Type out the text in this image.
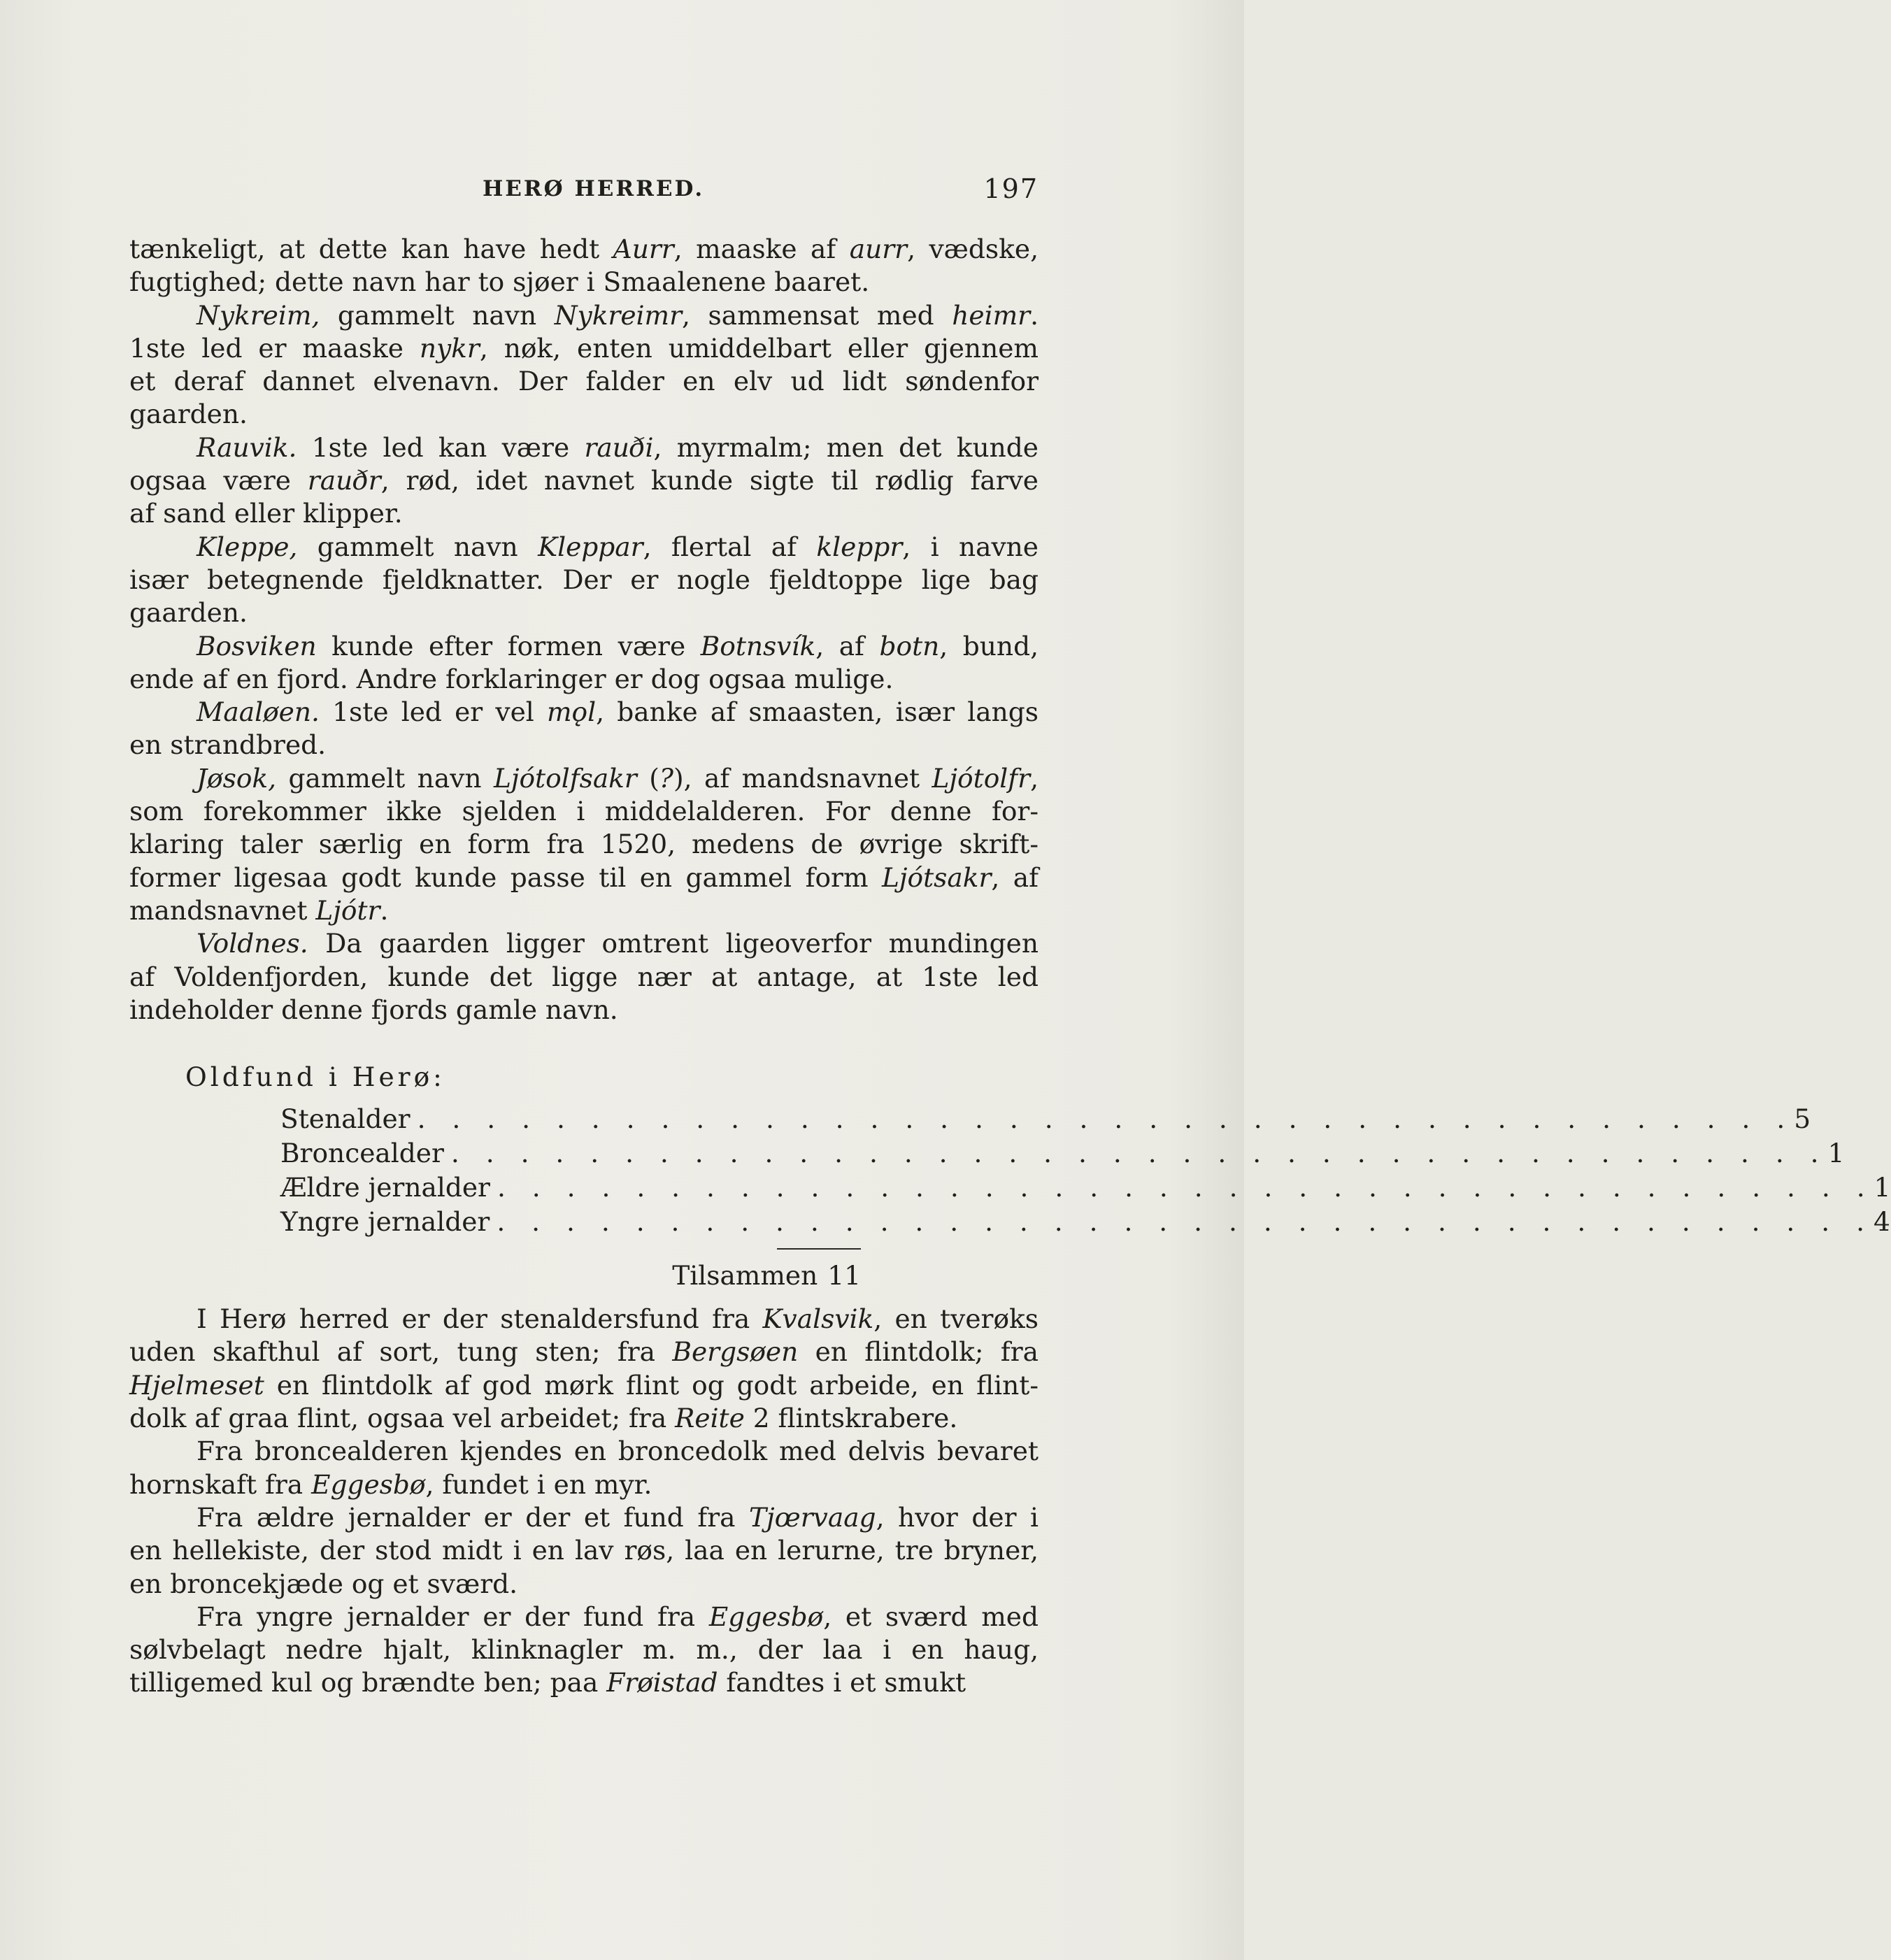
HERØ HERRED.	197
tænkeligt, at dette kan have hedt Aurr, maaske af aurr, vædske,
fugtighed; dette navn har to sjøer i Smaalenene baaret.
Nykreim, gammelt navn Nykreimr, sammensat med heimr.
1ste led er maaske nykr, nøk, enten umiddelbart eller gjennem
et deraf dannet elvenavn. Der falder en elv ud lidt søndenfor
gaarden.
Rauvik. 1ste led kan være rauði, myrmalm; men det kunde
ogsaa være rauðr, rød, idet navnet kunde sigte til rødlig farve
af sand eller klipper.
Kleppe, gammelt navn Kleppar, flertal af kleppr, i navne
især betegnende fjeldknatter. Der er nogle fjeldtoppe lige bag
gaarden.
Bosviken kunde efter formen være Botnsvík, af botn, bund,
ende af en fjord. Andre forklaringer er dog ogsaa mulige.
Maaløen. 1ste led er vel mǫl, banke af smaasten, især langs
en strandbred.
Jøsok, gammelt navn Ljótolfsakr (?), af mandsnavnet Ljótolfr,
som forekommer ikke sjelden i middelalderen. For denne for-
klaring taler særlig en form fra 1520, medens de øvrige skrift-
former ligesaa godt kunde passe til en gammel form Ljótsakr, af
mandsnavnet Ljótr.
Voldnes. Da gaarden ligger omtrent ligeoverfor mundingen
af Voldenfjorden, kunde det ligge nær at antage, at 1ste led
indeholder denne fjords gamle navn.
Oldfund i Herø:
Stenalder . . . . . . . . . . . . . . . . . . . . . . . . . . . . . . . . . . . . . . . . 5
Broncealder . . . . . . . . . . . . . . . . . . . . . . . . . . . . . . . . . . . . . . . . 1
Ældre jernalder . . . . . . . . . . . . . . . . . . . . . . . . . . . . . . . . . . . . . . . . 1
Yngre jernalder . . . . . . . . . . . . . . . . . . . . . . . . . . . . . . . . . . . . . . . . 4
Tilsammen 11
I Herø herred er der stenaldersfund fra Kvalsvik, en tverøks
uden skafthul af sort, tung sten; fra Bergsøen en flintdolk; fra
Hjelmeset en flintdolk af god mørk flint og godt arbeide, en flint-
dolk af graa flint, ogsaa vel arbeidet; fra Reite 2 flintskrabere.
Fra broncealderen kjendes en broncedolk med delvis bevaret
hornskaft fra Eggesbø, fundet i en myr.
Fra ældre jernalder er der et fund fra Tjœrvaag, hvor der i
en hellekiste, der stod midt i en lav røs, laa en lerurne, tre bryner,
en broncekjæde og et sværd.
Fra yngre jernalder er der fund fra Eggesbø, et sværd med
sølvbelagt nedre hjalt, klinknagler m. m., der laa i en haug,
tilligemed kul og brændte ben; paa Frøistad fandtes i et smukt
